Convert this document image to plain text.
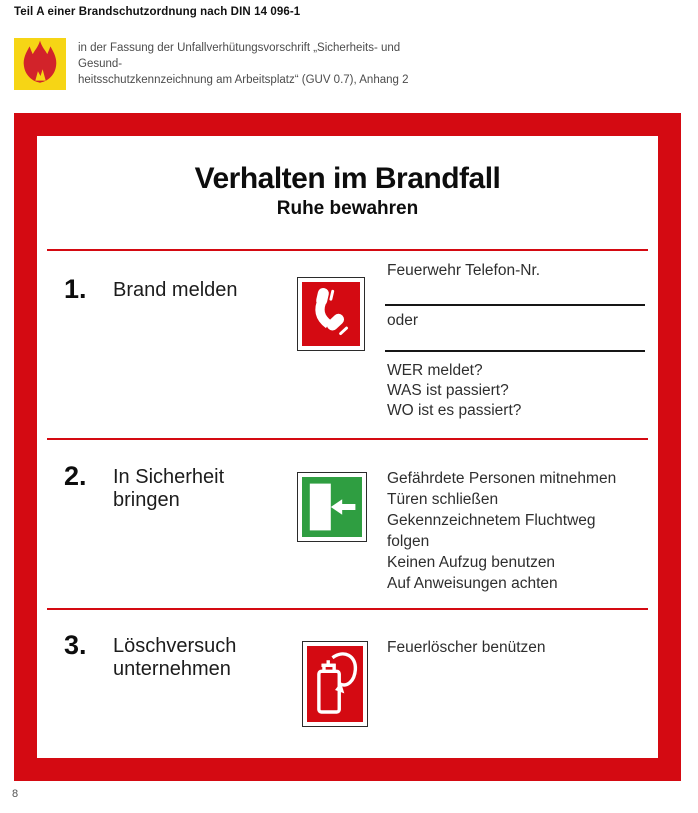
Teil A einer Brandschutzordnung nach DIN 14 096-1
in der Fassung der Unfallverhütungsvorschrift „Sicherheits- und Gesund-
heitsschutzkennzeichnung am Arbeitsplatz“ (GUV 0.7), Anhang 2
Verhalten im Brandfall
Ruhe bewahren
1. Brand melden
Feuerwehr Telefon-Nr.
oder
WER meldet?
WAS ist passiert?
WO ist es passiert?
2. In Sicherheit bringen
Gefährdete Personen mitnehmen
Türen schließen
Gekennzeichnetem Fluchtweg folgen
Keinen Aufzug benutzen
Auf Anweisungen achten
3. Löschversuch unternehmen
Feuerlöscher benützen
8
